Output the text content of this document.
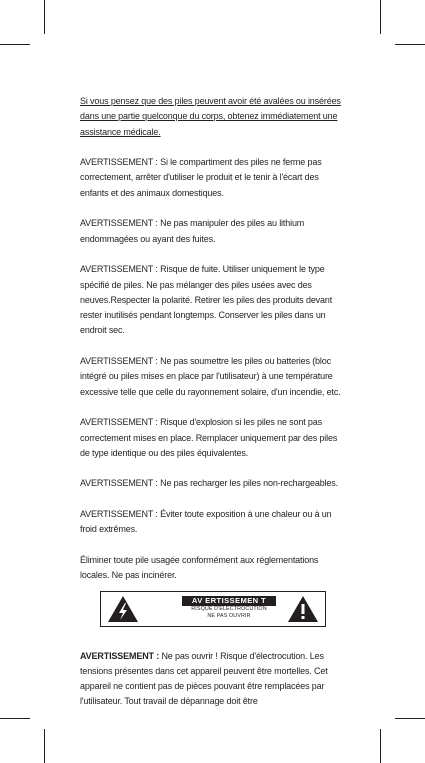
Si vous pensez que des piles peuvent avoir été avalées ou insérées dans une partie quelconque du corps, obtenez immédiatement une assistance médicale.

AVERTISSEMENT : Si le compartiment des piles ne ferme pas correctement, arrêter d'utiliser le produit et le tenir à l'écart des enfants et des animaux domestiques.

AVERTISSEMENT : Ne pas manipuler des piles au lithium endommagées ou ayant des fuites.

AVERTISSEMENT : Risque de fuite. Utiliser uniquement le type spécifié de piles. Ne pas mélanger des piles usées avec des neuves.Respecter la polarité. Retirer les piles des produits devant rester inutilisés pendant longtemps. Conserver les piles dans un endroit sec.

AVERTISSEMENT : Ne pas soumettre les piles ou batteries (bloc intégré ou piles mises en place par l'utilisateur) à une température excessive telle que celle du rayonnement solaire, d'un incendie, etc.

AVERTISSEMENT : Risque d'explosion si les piles ne sont pas correctement mises en place. Remplacer uniquement par des piles de type identique ou des piles équivalentes.

AVERTISSEMENT : Ne pas recharger les piles non-rechargeables.

AVERTISSEMENT : Éviter toute exposition à une chaleur ou à un froid extrêmes.

Éliminer toute pile usagée conformément aux réglementations locales. Ne pas incinérer.

AV ERTISSEMEN T
RISQUE D'ÉLECTROCUTION
NE PAS OUVRIR

AVERTISSEMENT : Ne pas ouvrir ! Risque d'électrocution. Les tensions présentes dans cet appareil peuvent être mortelles. Cet appareil ne contient pas de pièces pouvant être remplacées par l'utilisateur. Tout travail de dépannage doit être
